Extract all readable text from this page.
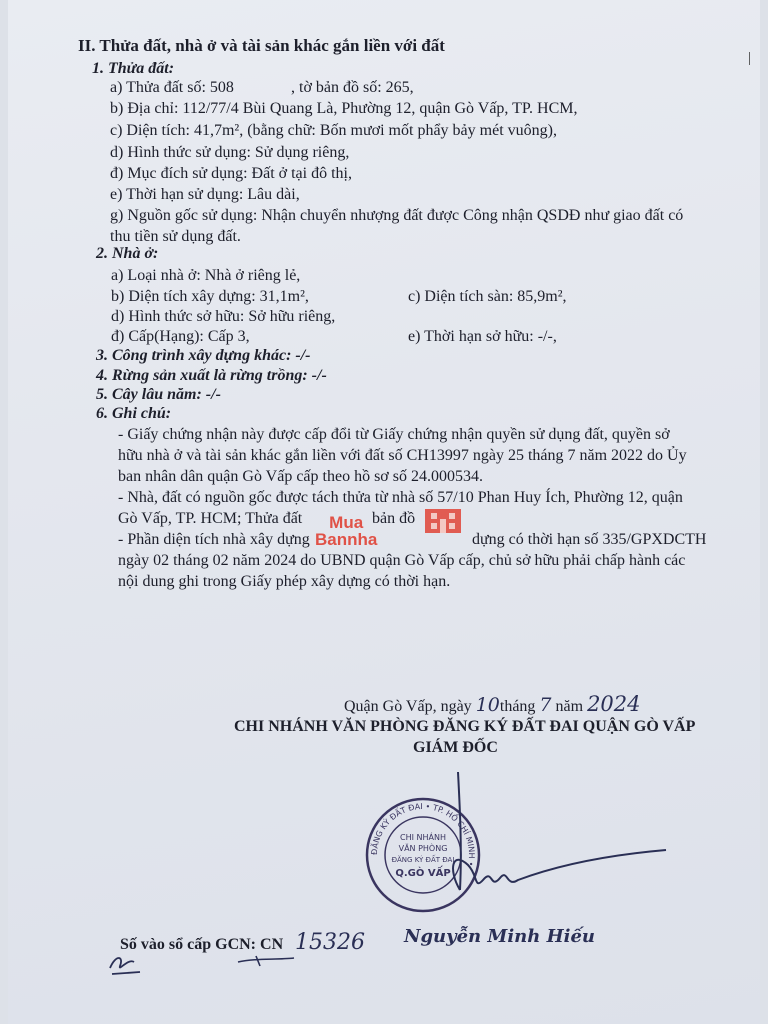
II. Thửa đất, nhà ở và tài sản khác gắn liền với đất
1. Thửa đất:
a) Thửa đất số: 508	, tờ bản đồ số: 265,
b) Địa chỉ: 112/77/4 Bùi Quang Là, Phường 12, quận Gò Vấp, TP. HCM,
c) Diện tích: 41,7m², (bằng chữ: Bốn mươi mốt phẩy bảy mét vuông),
d) Hình thức sử dụng: Sử dụng riêng,
đ) Mục đích sử dụng: Đất ở tại đô thị,
e) Thời hạn sử dụng: Lâu dài,
g) Nguồn gốc sử dụng: Nhận chuyển nhượng đất được Công nhận QSDĐ như giao đất có
thu tiền sử dụng đất.
2. Nhà ở:
a) Loại nhà ở: Nhà ở riêng lẻ,
b) Diện tích xây dựng: 31,1m²,	c) Diện tích sàn: 85,9m²,
d) Hình thức sở hữu: Sở hữu riêng,
đ) Cấp(Hạng): Cấp 3,	e) Thời hạn sở hữu: -/-,
3. Công trình xây dựng khác: -/-
4. Rừng sản xuất là rừng trồng: -/-
5. Cây lâu năm: -/-
6. Ghi chú:
- Giấy chứng nhận này được cấp đổi từ Giấy chứng nhận quyền sử dụng đất, quyền sở
hữu nhà ở và tài sản khác gắn liền với đất số CH13997 ngày 25 tháng 7 năm 2022 do Ủy
ban nhân dân quận Gò Vấp cấp theo hồ sơ số 24.000534.
- Nhà, đất có nguồn gốc được tách thửa từ nhà số 57/10 Phan Huy Ích, Phường 12, quận
Gò Vấp, TP. HCM; Thửa đất	bản đồ
- Phần diện tích nhà xây dựng	dựng có thời hạn số 335/GPXDCTH
ngày 02 tháng 02 năm 2024 do UBND quận Gò Vấp cấp, chủ sở hữu phải chấp hành các
nội dung ghi trong Giấy phép xây dựng có thời hạn.
Mua
Bannha
Quận Gò Vấp, ngày 10tháng 7 năm 2024
CHI NHÁNH VĂN PHÒNG ĐĂNG KÝ ĐẤT ĐAI QUẬN GÒ VẤP
GIÁM ĐỐC
ĐĂNG KÝ ĐẤT ĐAI • TP. HỒ CHÍ MINH •
CHI NHÁNH
VĂN PHÒNG
ĐĂNG KÝ ĐẤT ĐAI
Q.GÒ VẤP
Số vào sổ cấp GCN: CN 15326 Nguyễn Minh Hiếu
|
